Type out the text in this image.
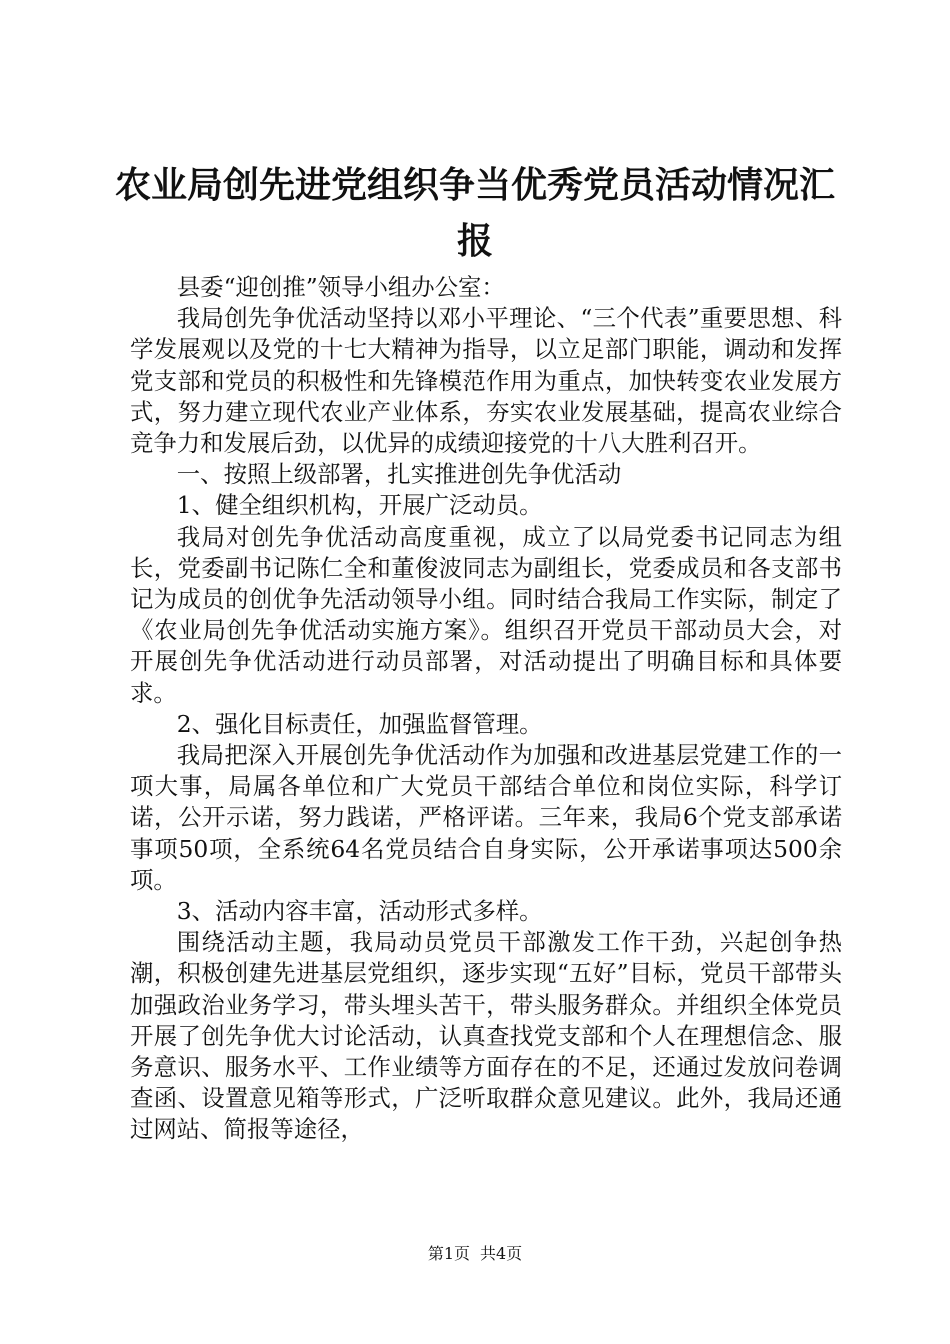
农业局创先进党组织争当优秀党员活动情况汇报

县委“迎创推”领导小组办公室：

我局创先争优活动坚持以邓小平理论、“三个代表”重要思想、科学发展观以及党的十七大精神为指导，以立足部门职能，调动和发挥党支部和党员的积极性和先锋模范作用为重点，加快转变农业发展方式，努力建立现代农业产业体系，夯实农业发展基础，提高农业综合竞争力和发展后劲，以优异的成绩迎接党的十八大胜利召开。

一、按照上级部署，扎实推进创先争优活动

1、健全组织机构，开展广泛动员。

我局对创先争优活动高度重视，成立了以局党委书记同志为组长，党委副书记陈仁全和董俊波同志为副组长，党委成员和各支部书记为成员的创优争先活动领导小组。同时结合我局工作实际，制定了《农业局创先争优活动实施方案》。组织召开党员干部动员大会，对开展创先争优活动进行动员部署，对活动提出了明确目标和具体要求。

2、强化目标责任，加强监督管理。

我局把深入开展创先争优活动作为加强和改进基层党建工作的一项大事，局属各单位和广大党员干部结合单位和岗位实际，科学订诺，公开示诺，努力践诺，严格评诺。三年来，我局6个党支部承诺事项50项，全系统64名党员结合自身实际，公开承诺事项达500余项。

3、活动内容丰富，活动形式多样。

围绕活动主题，我局动员党员干部激发工作干劲，兴起创争热潮，积极创建先进基层党组织，逐步实现“五好”目标，党员干部带头加强政治业务学习，带头埋头苦干，带头服务群众。并组织全体党员开展了创先争优大讨论活动，认真查找党支部和个人在理想信念、服务意识、服务水平、工作业绩等方面存在的不足，还通过发放问卷调查函、设置意见箱等形式，广泛听取群众意见建议。此外，我局还通过网站、简报等途径，

第1页 共4页
